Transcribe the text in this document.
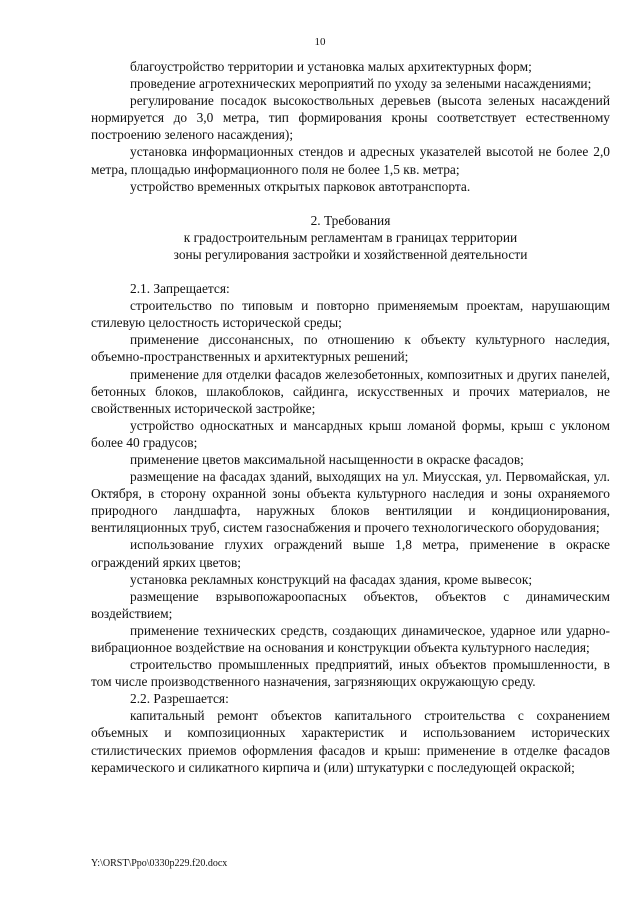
10

благоустройство территории и установка малых архитектурных форм;

проведение агротехнических мероприятий по уходу за зелеными насаждениями;

регулирование посадок высокоствольных деревьев (высота зеленых насаждений нормируется до 3,0 метра, тип формирования кроны соответствует естественному построению зеленого насаждения);

установка информационных стендов и адресных указателей высотой не более 2,0 метра, площадью информационного поля не более 1,5 кв. метра;

устройство временных открытых парковок автотранспорта.

2. Требования

к градостроительным регламентам в границах территории

зоны регулирования застройки и хозяйственной деятельности

2.1. Запрещается:

строительство по типовым и повторно применяемым проектам, нарушающим стилевую целостность исторической среды;

применение диссонансных, по отношению к объекту культурного наследия, объемно-пространственных и архитектурных решений;

применение для отделки фасадов железобетонных, композитных и других панелей, бетонных блоков, шлакоблоков, сайдинга, искусственных и прочих материалов, не свойственных исторической застройке;

устройство односкатных и мансардных крыш ломаной формы, крыш с уклоном более 40 градусов;

применение цветов максимальной насыщенности в окраске фасадов;

размещение на фасадах зданий, выходящих на ул. Миусская, ул. Первомайская, ул. Октября, в сторону охранной зоны объекта культурного наследия и зоны охраняемого природного ландшафта, наружных блоков вентиляции и кондиционирования, вентиляционных труб, систем газоснабжения и прочего технологического оборудования;

использование глухих ограждений выше 1,8 метра, применение в окраске ограждений ярких цветов;

установка рекламных конструкций на фасадах здания, кроме вывесок;

размещение взрывопожароопасных объектов, объектов с динамическим воздействием;

применение технических средств, создающих динамическое, ударное или ударно-вибрационное воздействие на основания и конструкции объекта культурного наследия;

строительство промышленных предприятий, иных объектов промышленности, в том числе производственного назначения, загрязняющих окружающую среду.

2.2. Разрешается:

капитальный ремонт объектов капитального строительства с сохранением объемных и композиционных характеристик и использованием исторических стилистических приемов оформления фасадов и крыш: применение в отделке фасадов керамического и силикатного кирпича и (или) штукатурки с последующей окраской;

Y:\ORST\Ppo\0330p229.f20.docx
